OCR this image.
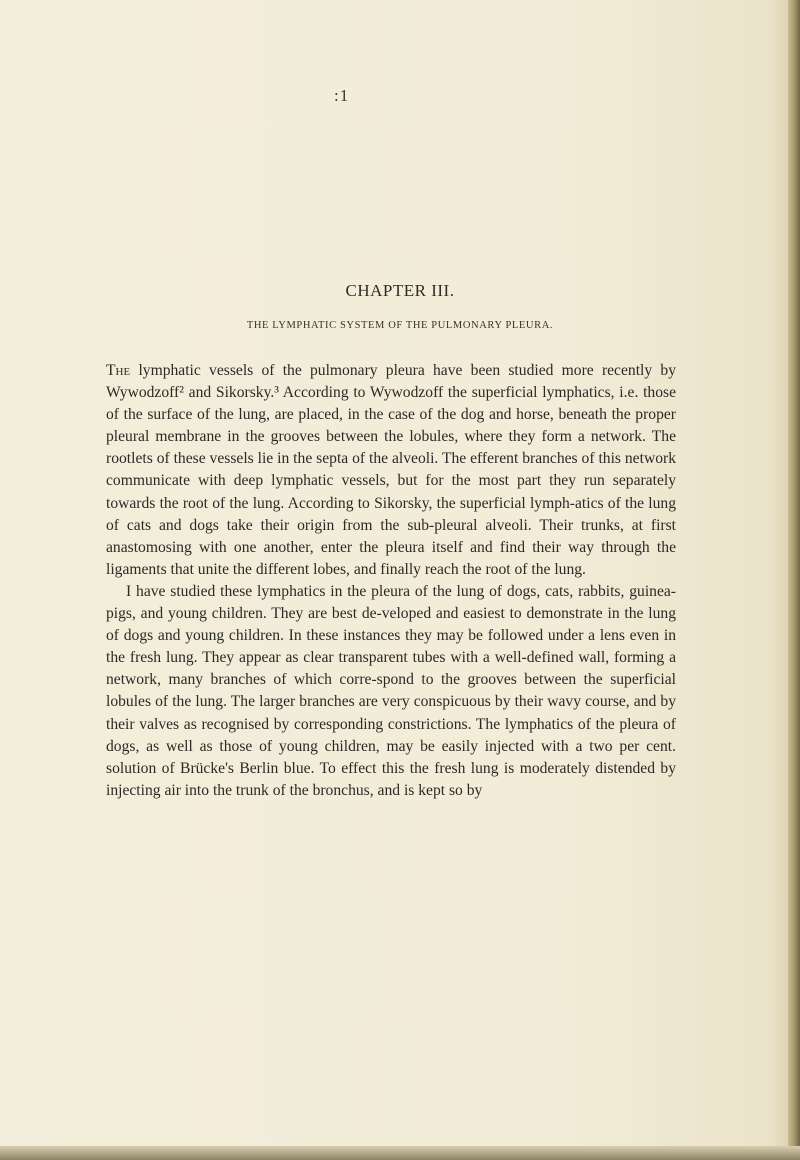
:1
CHAPTER III.
THE LYMPHATIC SYSTEM OF THE PULMONARY PLEURA.

The lymphatic vessels of the pulmonary pleura have been studied more recently by Wywodzoff² and Sikorsky.³ According to Wywodzoff the superficial lymphatics, i.e. those of the surface of the lung, are placed, in the case of the dog and horse, beneath the proper pleural membrane in the grooves between the lobules, where they form a network. The rootlets of these vessels lie in the septa of the alveoli. The efferent branches of this network communicate with deep lymphatic vessels, but for the most part they run separately towards the root of the lung. According to Sikorsky, the superficial lymph-atics of the lung of cats and dogs take their origin from the sub-pleural alveoli. Their trunks, at first anastomosing with one another, enter the pleura itself and find their way through the ligaments that unite the different lobes, and finally reach the root of the lung.

I have studied these lymphatics in the pleura of the lung of dogs, cats, rabbits, guinea-pigs, and young children. They are best de-veloped and easiest to demonstrate in the lung of dogs and young children. In these instances they may be followed under a lens even in the fresh lung. They appear as clear transparent tubes with a well-defined wall, forming a network, many branches of which corre-spond to the grooves between the superficial lobules of the lung. The larger branches are very conspicuous by their wavy course, and by their valves as recognised by corresponding constrictions. The lymphatics of the pleura of dogs, as well as those of young children, may be easily injected with a two per cent. solution of Brücke's Berlin blue. To effect this the fresh lung is moderately distended by injecting air into the trunk of the bronchus, and is kept so by
